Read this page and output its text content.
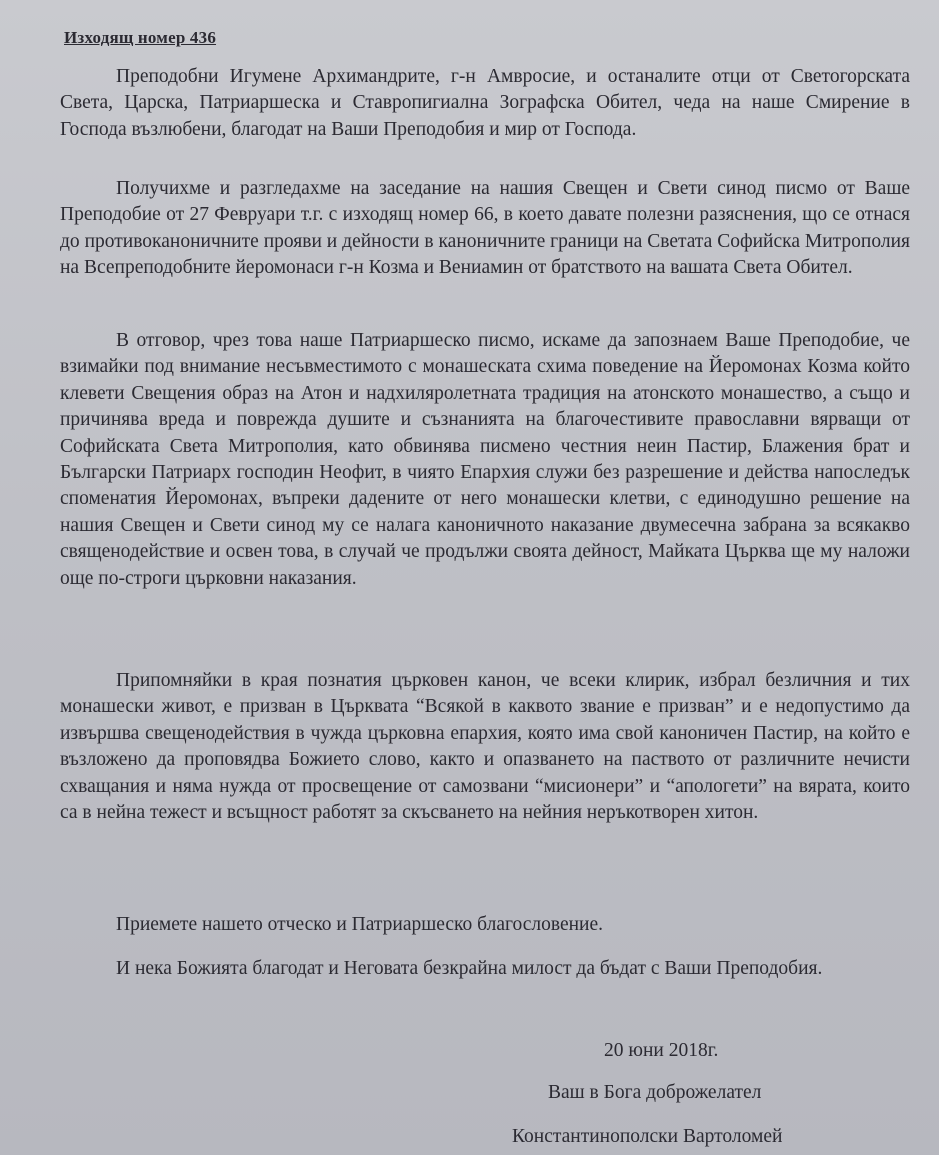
Изходящ номер 436

Преподобни Игумене Архимандрите, г-н Амвросие, и останалите отци от Светогорската Света, Царска, Патриаршеска и Ставропигиална Зографска Обител, чеда на наше Смирение в Господа възлюбени, благодат на Ваши Преподобия и мир от Господа.

Получихме и разгледахме на заседание на нашия Свещен и Свети синод писмо от Ваше Преподобие от 27 Февруари т.г. с изходящ номер 66, в което давате полезни разяснения, що се отнася до противоканоничните прояви и дейности в каноничните граници на Светата Софийска Митрополия на Всепреподобните йеромонаси г-н Козма и Вениамин от братството на вашата Света Обител.

В отговор, чрез това наше Патриаршеско писмо, искаме да запознаем Ваше Преподобие, че взимайки под внимание несъвместимото с монашеската схима поведение на Йеромонах Козма който клевети Свещения образ на Атон и надхиляролетната традиция на атонското монашество, а също и причинява вреда и поврежда душите и съзнанията на благочестивите православни вярващи от Софийската Света Митрополия, като обвинява писмено честния неин Пастир, Блажения брат и Български Патриарх господин Неофит, в чиято Епархия служи без разрешение и действа напоследък споменатия Йеромонах, въпреки дадените от него монашески клетви, с единодушно решение на нашия Свещен и Свети синод му се налага каноничното наказание двумесечна забрана за всякакво священодействие и освен това, в случай че продължи своята дейност, Майката Църква ще му наложи още по-строги църковни наказания.

Припомняйки в края познатия църковен канон, че всеки клирик, избрал безличния и тих монашески живот, е призван в Църквата “Всякой в каквото звание е призван” и е недопустимо да извършва свещенодействия в чужда църковна епархия, която има свой каноничен Пастир, на който е възложено да проповядва Божието слово, както и опазването на паството от различните нечисти схващания и няма нужда от просвещение от самозвани “мисионери” и “апологети” на вярата, които са в нейна тежест и всъщност работят за скъсването на нейния неръкотворен хитон.

Приемете нашето отческо и Патриаршеско благословение.

И нека Божията благодат и Неговата безкрайна милост да бъдат с Ваши Преподобия.

20 юни 2018г.
Ваш в Бога доброжелател
Константинополски Вартоломей
